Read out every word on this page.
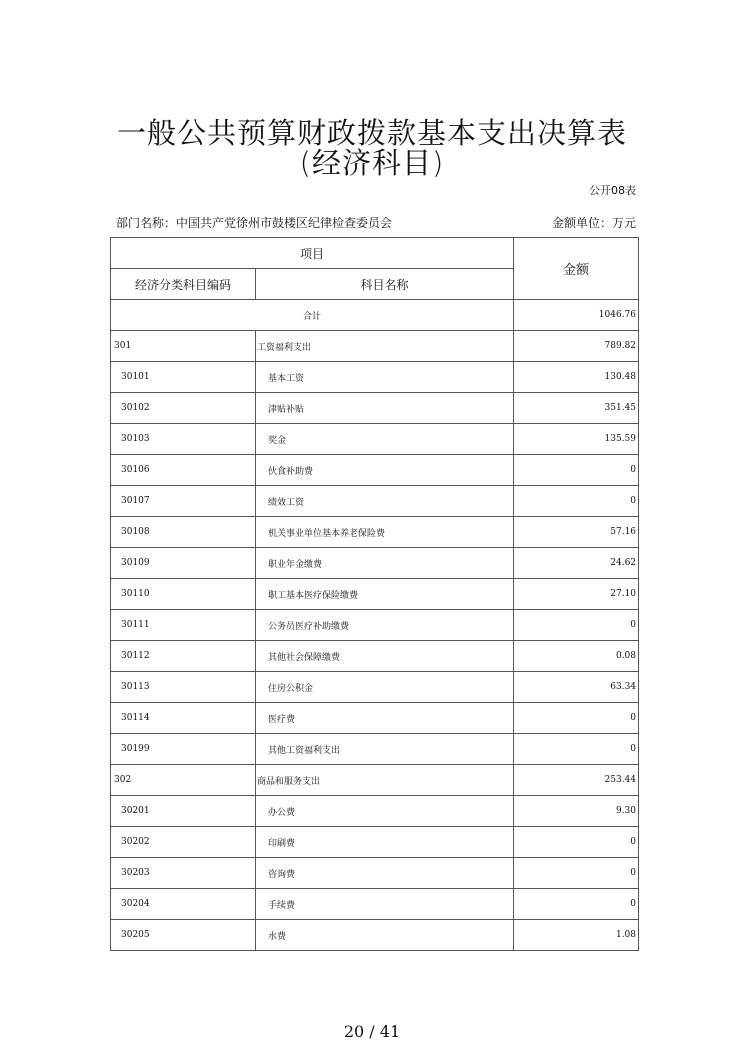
一般公共预算财政拨款基本支出决算表
(经济科目)
公开08表
部门名称：中国共产党徐州市鼓楼区纪律检查委员会	金额单位：万元
项目		金额
经济分类科目编码	科目名称	
合计		1046.76
301	工资福利支出	789.82
30101	基本工资	130.48
30102	津贴补贴	351.45
30103	奖金	135.59
30106	伙食补助费	0
30107	绩效工资	0
30108	机关事业单位基本养老保险费	57.16
30109	职业年金缴费	24.62
30110	职工基本医疗保险缴费	27.10
30111	公务员医疗补助缴费	0
30112	其他社会保障缴费	0.08
30113	住房公积金	63.34
30114	医疗费	0
30199	其他工资福利支出	0
302	商品和服务支出	253.44
30201	办公费	9.30
30202	印刷费	0
30203	咨询费	0
30204	手续费	0
30205	水费	1.08
20 / 41
